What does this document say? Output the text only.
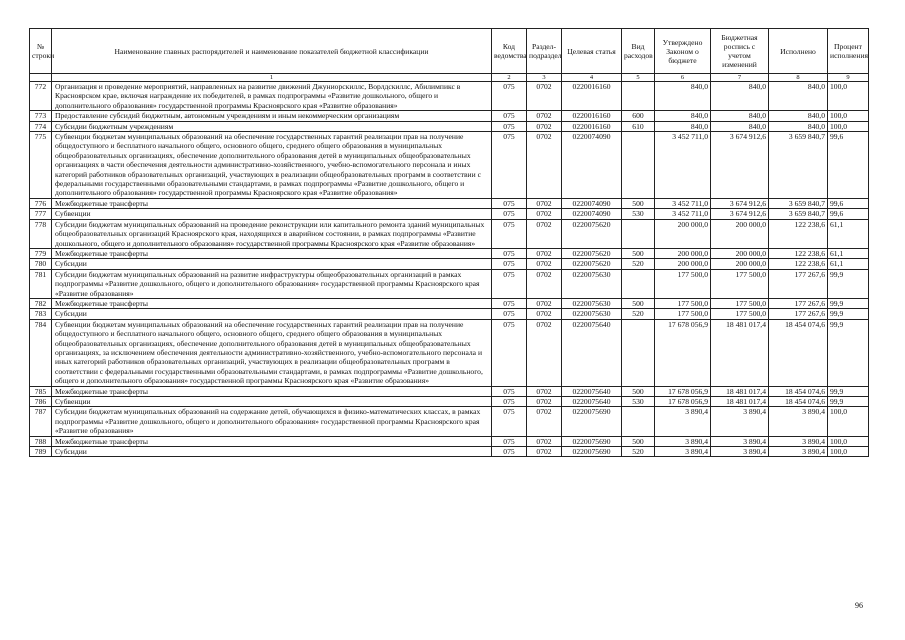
№ строки	Наименование главных распорядителей и наименование показателей бюджетной классификации	Код ведомства	Раздел-подраздел	Целевая статья	Вид расходов	Утверждено Законом о бюджете	Бюджетная роспись с учетом изменений	Исполнено	Процент исполнения
	1	2	3	4	5	6	7	8	9
772	Организация и проведение мероприятий, направленных на развитие движений Джуниорскиллс, Ворлдскиллс, Абилимпикс в Красноярском крае, включая награждение их победителей, в рамках подпрограммы «Развитие дошкольного, общего и дополнительного образования» государственной программы Красноярского края «Развитие образования»	075	0702	0220016160		840,0	840,0	840,0	100,0
773	Предоставление субсидий бюджетным, автономным учреждениям и иным некоммерческим организациям	075	0702	0220016160	600	840,0	840,0	840,0	100,0
774	Субсидии бюджетным учреждениям	075	0702	0220016160	610	840,0	840,0	840,0	100,0
775	Субвенции бюджетам муниципальных образований на обеспечение государственных гарантий реализации прав на получение общедоступного и бесплатного начального общего, основного общего, среднего общего образования в муниципальных общеобразовательных организациях, обеспечение дополнительного образования детей в муниципальных общеобразовательных организациях в части обеспечения деятельности административно-хозяйственного, учебно-вспомогательного персонала и иных категорий работников образовательных организаций, участвующих в реализации общеобразовательных программ в соответствии с федеральными государственными образовательными стандартами, в рамках подпрограммы «Развитие дошкольного, общего и дополнительного образования» государственной программы Красноярского края «Развитие образования»	075	0702	0220074090		3 452 711,0	3 674 912,6	3 659 840,7	99,6
776	Межбюджетные трансферты	075	0702	0220074090	500	3 452 711,0	3 674 912,6	3 659 840,7	99,6
777	Субвенции	075	0702	0220074090	530	3 452 711,0	3 674 912,6	3 659 840,7	99,6
778	Субсидии бюджетам муниципальных образований на проведение реконструкции или капитального ремонта зданий муниципальных общеобразовательных организаций Красноярского края, находящихся в аварийном состоянии, в рамках подпрограммы «Развитие дошкольного, общего и дополнительного образования» государственной программы Красноярского края «Развитие образования»	075	0702	0220075620		200 000,0	200 000,0	122 238,6	61,1
779	Межбюджетные трансферты	075	0702	0220075620	500	200 000,0	200 000,0	122 238,6	61,1
780	Субсидии	075	0702	0220075620	520	200 000,0	200 000,0	122 238,6	61,1
781	Субсидии бюджетам муниципальных образований на развитие инфраструктуры общеобразовательных организаций в рамках подпрограммы «Развитие дошкольного, общего и дополнительного образования» государственной программы Красноярского края «Развитие образования»	075	0702	0220075630		177 500,0	177 500,0	177 267,6	99,9
782	Межбюджетные трансферты	075	0702	0220075630	500	177 500,0	177 500,0	177 267,6	99,9
783	Субсидии	075	0702	0220075630	520	177 500,0	177 500,0	177 267,6	99,9
784	Субвенции бюджетам муниципальных образований на обеспечение государственных гарантий реализации прав на получение общедоступного и бесплатного начального общего, основного общего, среднего общего образования в муниципальных общеобразовательных организациях, обеспечение дополнительного образования детей в муниципальных общеобразовательных организациях, за исключением обеспечения деятельности административно-хозяйственного, учебно-вспомогательного персонала и иных категорий работников образовательных организаций, участвующих в реализации общеобразовательных программ в соответствии с федеральными государственными образовательными стандартами, в рамках подпрограммы «Развитие дошкольного, общего и дополнительного образования» государственной программы Красноярского края «Развитие образования»	075	0702	0220075640		17 678 056,9	18 481 017,4	18 454 074,6	99,9
785	Межбюджетные трансферты	075	0702	0220075640	500	17 678 056,9	18 481 017,4	18 454 074,6	99,9
786	Субвенции	075	0702	0220075640	530	17 678 056,9	18 481 017,4	18 454 074,6	99,9
787	Субсидии бюджетам муниципальных образований на содержание детей, обучающихся в физико-математических классах, в рамках подпрограммы «Развитие дошкольного, общего и дополнительного образования» государственной программы Красноярского края «Развитие образования»	075	0702	0220075690		3 890,4	3 890,4	3 890,4	100,0
788	Межбюджетные трансферты	075	0702	0220075690	500	3 890,4	3 890,4	3 890,4	100,0
789	Субсидии	075	0702	0220075690	520	3 890,4	3 890,4	3 890,4	100,0
96
